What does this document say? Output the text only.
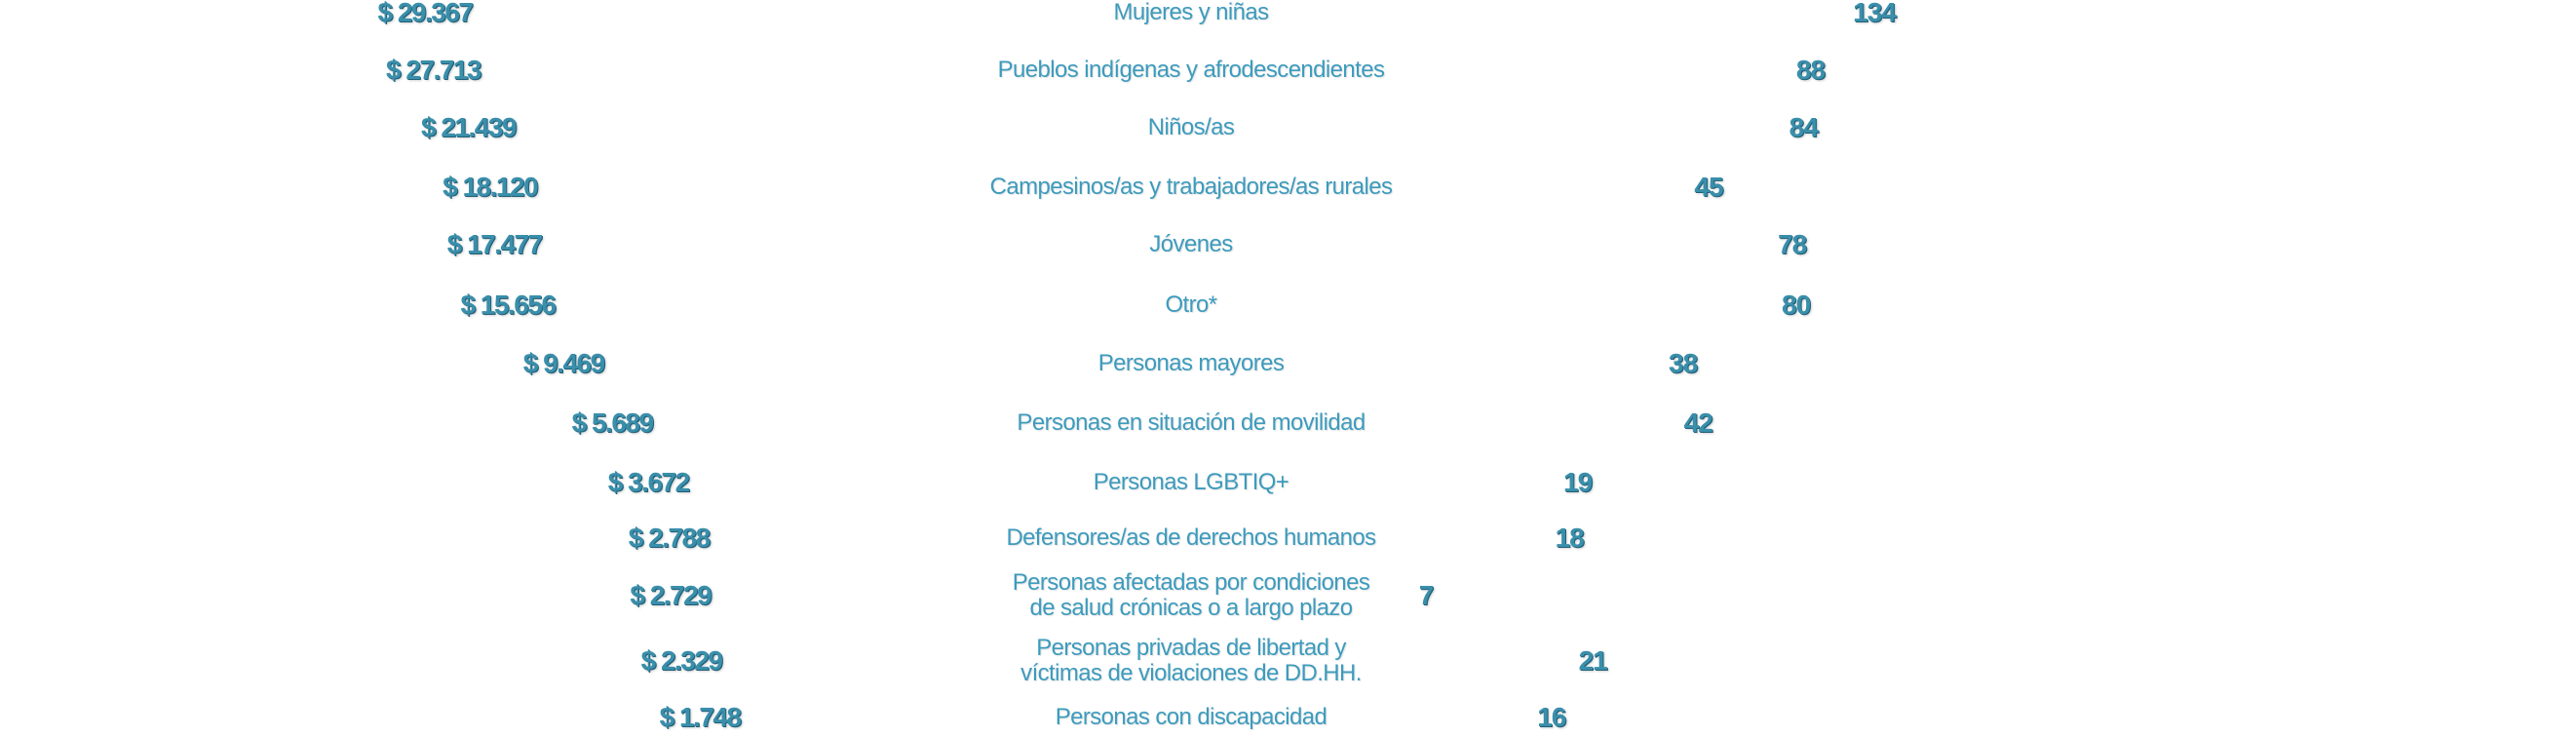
$ 29.367	Mujeres y niñas	134
$ 27.713	Pueblos indígenas y afrodescendientes	88
$ 21.439	Niños/as	84
$ 18.120	Campesinos/as y trabajadores/as rurales	45
$ 17.477	Jóvenes	78
$ 15.656	Otro*	80
$ 9.469	Personas mayores	38
$ 5.689	Personas en situación de movilidad	42
$ 3.672	Personas LGBTIQ+	19
$ 2.788	Defensores/as de derechos humanos	18
$ 2.729	Personas afectadas por condiciones
de salud crónicas o a largo plazo	7
$ 2.329	Personas privadas de libertad y
víctimas de violaciones de DD.HH.	21
$ 1.748	Personas con discapacidad	16
